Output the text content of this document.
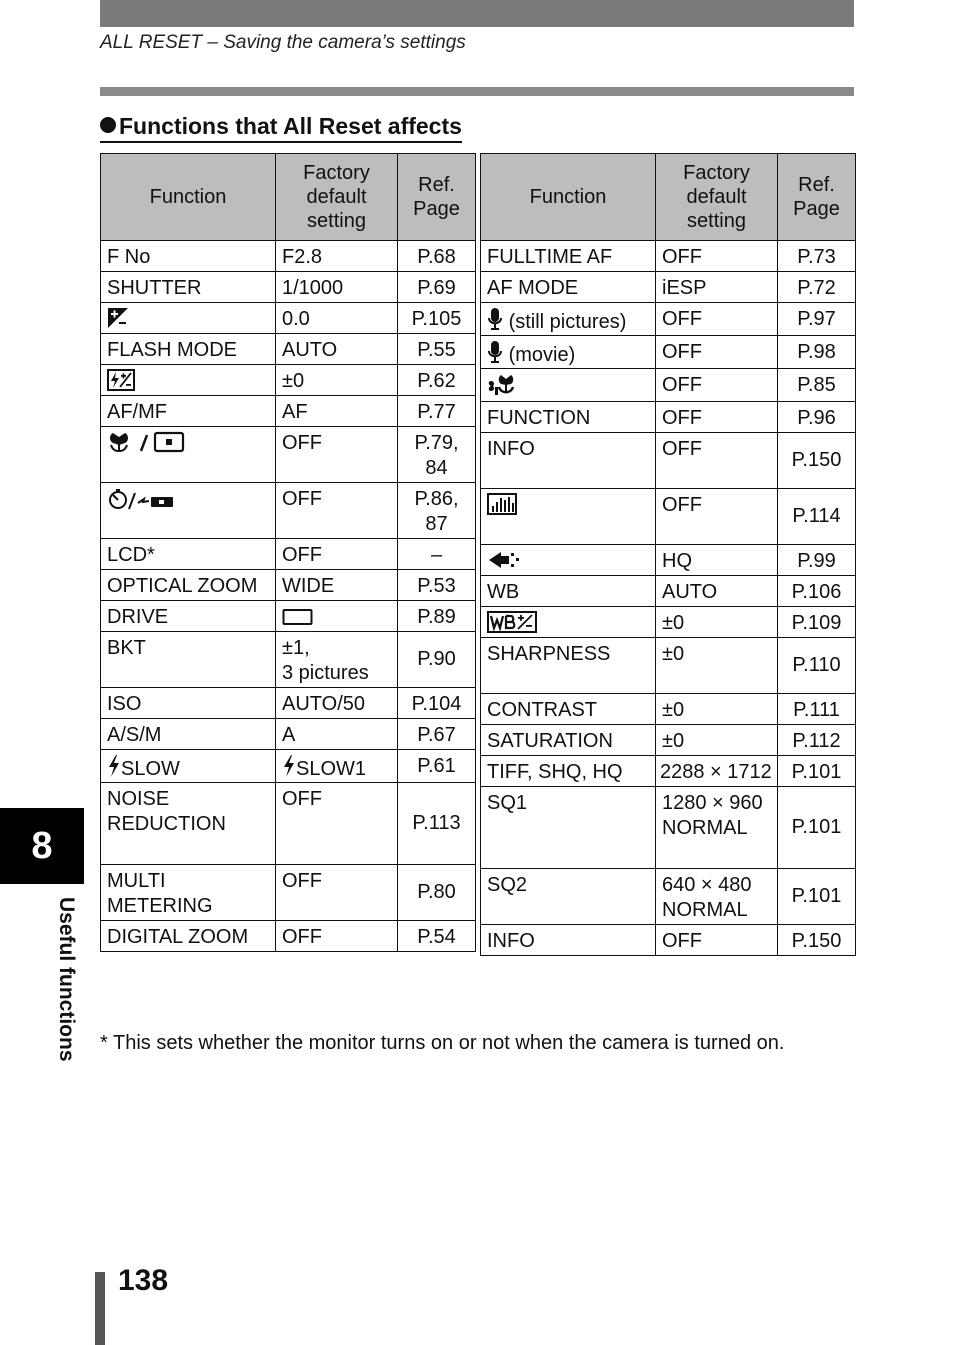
ALL RESET – Saving the camera’s settings
Functions that All Reset affects
Function	Factory default setting	Ref. Page
F No	F2.8	P.68
SHUTTER	1/1000	P.69
	0.0	P.105
FLASH MODE	AUTO	P.55
	±0	P.62
AF/MF	AF	P.77
	OFF	P.79,
84
	OFF	P.86,
87
LCD*	OFF	–
OPTICAL ZOOM	WIDE	P.53
DRIVE		P.89
BKT	±1,
3 pictures	P.90
ISO	AUTO/50	P.104
A/S/M	A	P.67
SLOW	SLOW1	P.61
NOISE
REDUCTION	OFF	P.113
MULTI
METERING	OFF	P.80
DIGITAL ZOOM	OFF	P.54
Function	Factory default setting	Ref. Page
FULLTIME AF	OFF	P.73
AF MODE	iESP	P.72
(still pictures)	OFF	P.97
(movie)	OFF	P.98
	OFF	P.85
FUNCTION	OFF	P.96
INFO	OFF	P.150
	OFF	P.114
	HQ	P.99
WB	AUTO	P.106
	±0	P.109
SHARPNESS	±0	P.110
CONTRAST	±0	P.111
SATURATION	±0	P.112
TIFF, SHQ, HQ	2288 × 1712	P.101
SQ1	1280 × 960
NORMAL	P.101
SQ2	640 × 480
NORMAL	P.101
INFO	OFF	P.150
* This sets whether the monitor turns on or not when the camera is turned on.
8
Useful functions
138
